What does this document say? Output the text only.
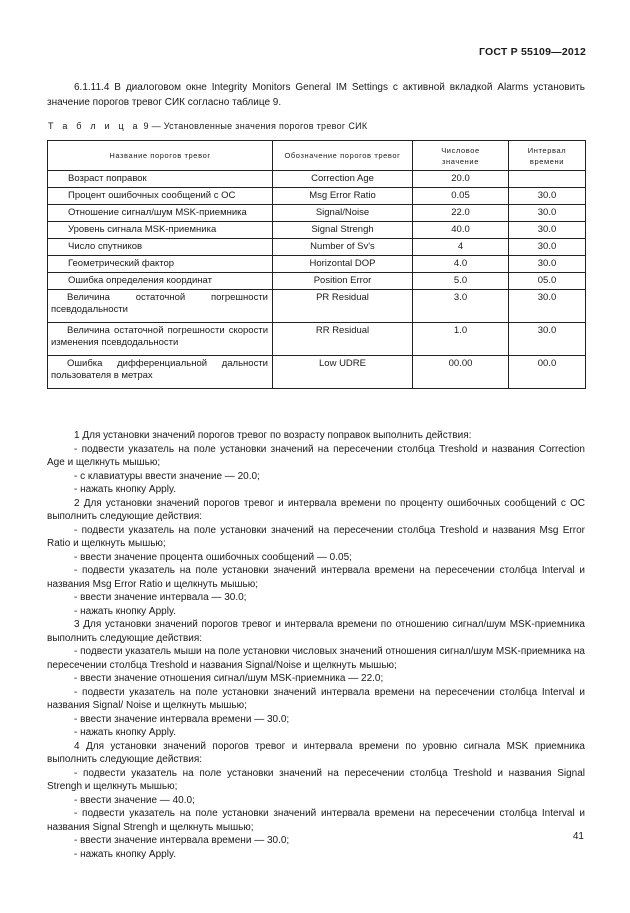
ГОСТ Р 55109—2012
6.1.11.4 В диалоговом окне Integrity Monitors General IM Settings с активной вкладкой Alarms установить значение порогов тревог СИК согласно таблице 9.
Т а б л и ц а 9 — Установленные значения порогов тревог СИК
Название порогов тревог	Обозначение порогов тревог	Числовое значение	Интервал времени
Возраст поправок	Correction Age	20.0	
Процент ошибочных сообщений с ОС	Msg Error Ratio	0.05	30.0
Отношение сигнал/шум MSK-приемника	Signal/Noise	22.0	30.0
Уровень сигнала MSK-приемника	Signal Strengh	40.0	30.0
Число спутников	Number of Sv's	4	30.0
Геометрический фактор	Horizontal DOP	4.0	30.0
Ошибка определения координат	Position Error	5.0	05.0
Величина остаточной погрешности псевдодальности	PR Residual	3.0	30.0
Величина остаточной погрешности скорости изменения псевдодальности	RR Residual	1.0	30.0
Ошибка дифференциальной дальности пользователя в метрах	Low UDRE	00.00	00.0

1 Для установки значений порогов тревог по возрасту поправок выполнить действия:

- подвести указатель на поле установки значений на пересечении столбца Treshold и названия Correction Age и щелкнуть мышью;

- с клавиатуры ввести значение — 20.0;

- нажать кнопку Apply.

2 Для установки значений порогов тревог и интервала времени по проценту ошибочных сообщений с ОС выполнить следующие действия:

- подвести указатель на поле установки значений на пересечении столбца Treshold и названия Msg Error Ratio и щелкнуть мышью;

- ввести значение процента ошибочных сообщений — 0.05;

- подвести указатель на поле установки значений интервала времени на пересечении столбца Interval и названия Msg Error Ratio и щелкнуть мышью;

- ввести значение интервала — 30.0;

- нажать кнопку Apply.

3 Для установки значений порогов тревог и интервала времени по отношению сигнал/шум MSK-приемника выполнить следующие действия:

- подвести указатель мыши на поле установки числовых значений отношения сигнал/шум MSK-приемника на пересечении столбца Treshold и названия Signal/Noise и щелкнуть мышью;

- ввести значение отношения сигнал/шум MSK-приемника — 22.0;

- подвести указатель на поле установки значений интервала времени на пересечении столбца Interval и названия Signal/ Noise и щелкнуть мышью;

- ввести значение интервала времени — 30.0;

- нажать кнопку Apply.

4 Для установки значений порогов тревог и интервала времени по уровню сигнала MSK приемника выполнить следующие действия:

- подвести указатель на поле установки значений на пересечении столбца Treshold и названия Signal Strengh и щелкнуть мышью;

- ввести значение — 40.0;

- подвести указатель на поле установки значений интервала времени на пересечении столбца Interval и названия Signal Strengh и щелкнуть мышью;

- ввести значение интервала времени — 30.0;

- нажать кнопку Apply.

41
